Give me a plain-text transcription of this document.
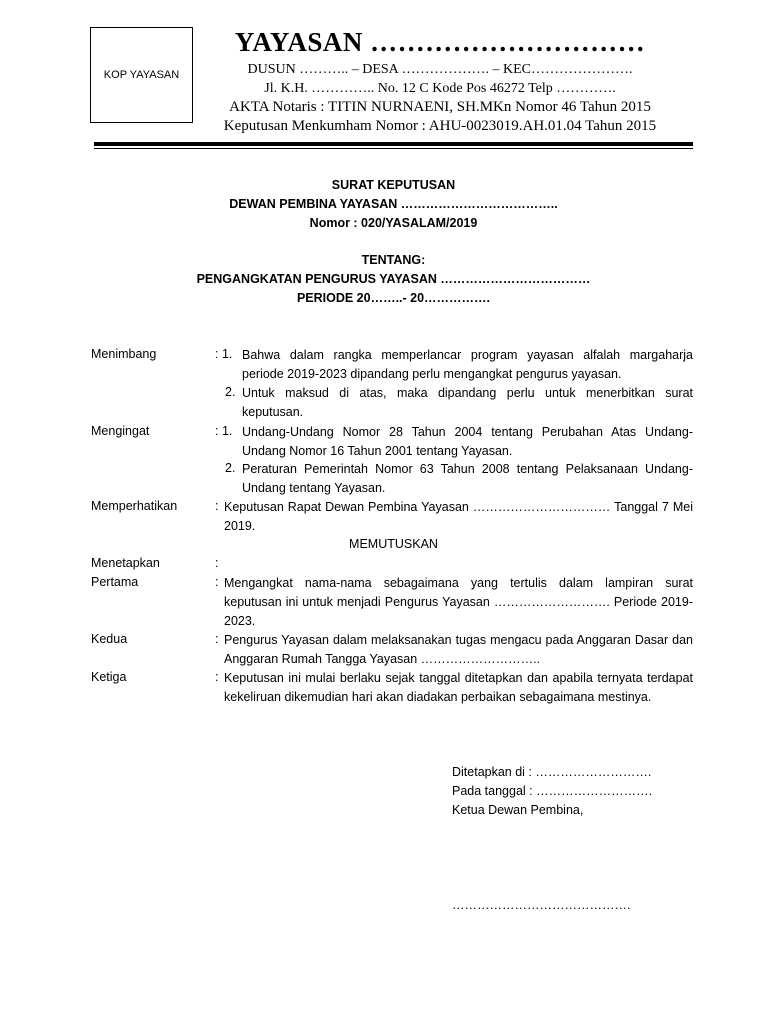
KOP YAYASAN
YAYASAN …………………………
DUSUN ……….. – DESA ………………. – KEC………………….
Jl. K.H. ………….. No. 12 C Kode Pos 46272 Telp ………….
AKTA Notaris : TITIN NURNAENI, SH.MKn Nomor 46 Tahun 2015
Keputusan Menkumham Nomor : AHU-0023019.AH.01.04 Tahun 2015
SURAT KEPUTUSAN
DEWAN PEMBINA YAYASAN ………………………………..
Nomor : 020/YASALAM/2019
TENTANG:
PENGANGKATAN PENGURUS YAYASAN ………………………………
PERIODE 20……..- 20…………….
Menimbang	: 1. Bahwa dalam rangka memperlancar program yayasan alfalah margaharja periode 2019-2023 dipandang perlu mengangkat pengurus yayasan.
2. Untuk maksud di atas, maka dipandang perlu untuk menerbitkan surat keputusan.
Mengingat	: 1. Undang-Undang Nomor 28 Tahun 2004 tentang Perubahan Atas Undang-Undang Nomor 16 Tahun 2001 tentang Yayasan.
2. Peraturan Pemerintah Nomor 63 Tahun 2008 tentang Pelaksanaan Undang-Undang tentang Yayasan.
Memperhatikan	: Keputusan Rapat Dewan Pembina Yayasan …………………………… Tanggal 7 Mei 2019.
MEMUTUSKAN
Menetapkan	:
Pertama	: Mengangkat nama-nama sebagaimana yang tertulis dalam lampiran surat keputusan ini untuk menjadi Pengurus Yayasan ………………………. Periode 2019-2023.
Kedua	: Pengurus Yayasan dalam melaksanakan tugas mengacu pada Anggaran Dasar dan Anggaran Rumah Tangga Yayasan ………………………..
Ketiga	: Keputusan ini mulai berlaku sejak tanggal ditetapkan dan apabila ternyata terdapat kekeliruan dikemudian hari akan diadakan perbaikan sebagaimana mestinya.
Ditetapkan di : ……………………….
Pada tanggal : ……………………….
Ketua Dewan Pembina,
…………………………………….
